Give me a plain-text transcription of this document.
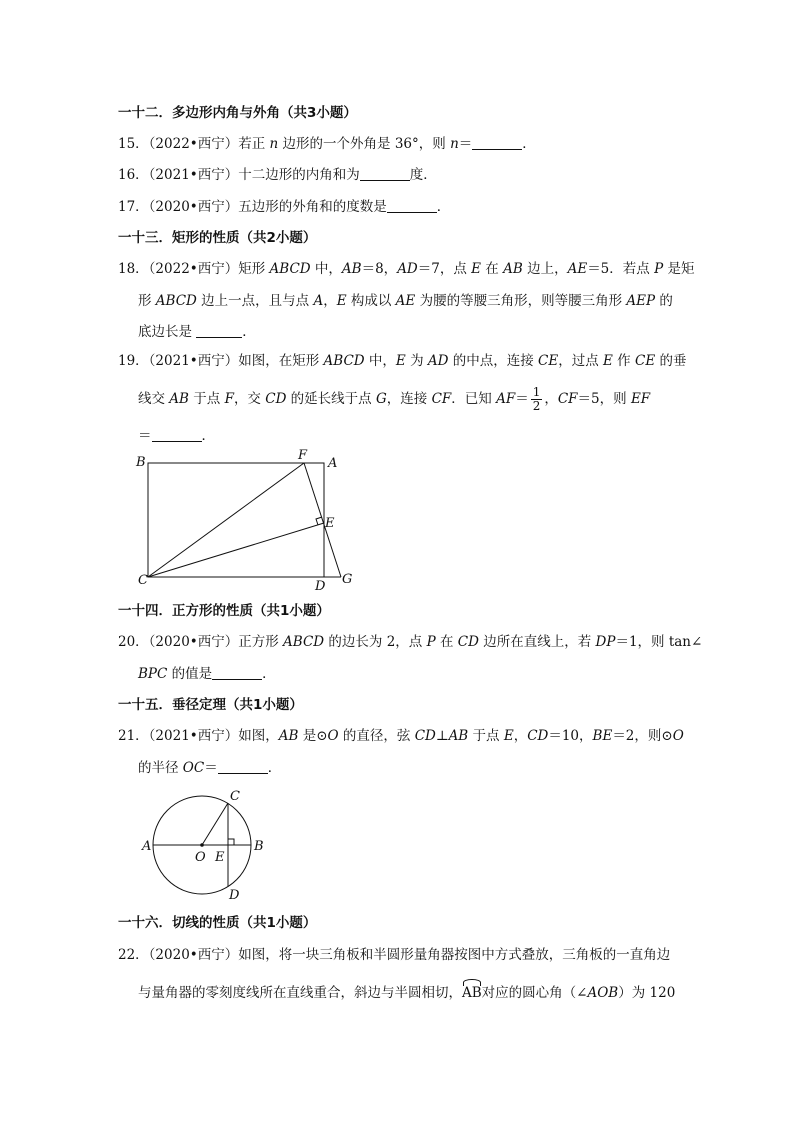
一十二．多边形内角与外角（共3小题）
15．（2022•西宁）若正 n 边形的一个外角是 36°，则 n＝	．
16．（2021•西宁）十二边形的内角和为	度．
17．（2020•西宁）五边形的外角和的度数是	．
一十三．矩形的性质（共2小题）
18．（2022•西宁）矩形 ABCD 中，AB＝8，AD＝7，点 E 在 AB 边上，AE＝5．若点 P 是矩
形 ABCD 边上一点，且与点 A，E 构成以 AE 为腰的等腰三角形，则等腰三角形 AEP 的
底边长是	．
19．（2021•西宁）如图，在矩形 ABCD 中，E 为 AD 的中点，连接 CE，过点 E 作 CE 的垂
线交 AB 于点 F，交 CD 的延长线于点 G，连接 CF．已知 $AF= \frac{1}{2}$ ，CF＝5，则 EF
＝	．
B	F
A
E
C	D G
一十四．正方形的性质（共1小题）
20．（2020•西宁）正方形 ABCD 的边长为 2，点 P 在 CD 边所在直线上，若 DP＝1，则 tan∠
BPC 的值是	．
一十五．垂径定理（共1小题）
21．（2021•西宁）如图，AB 是⊙O 的直径，弦 CD⊥AB 于点 E，CD＝10，BE＝2，则⊙O
的半径 OC＝	．
A	B
C
D
O E
一十六．切线的性质（共1小题）
22．（2020•西宁）如图，将一块三角板和半圆形量角器按图中方式叠放，三角板的一直角边
与量角器的零刻度线所在直线重合，斜边与半圆相切，AB对应的圆心角（∠AOB）为 120
